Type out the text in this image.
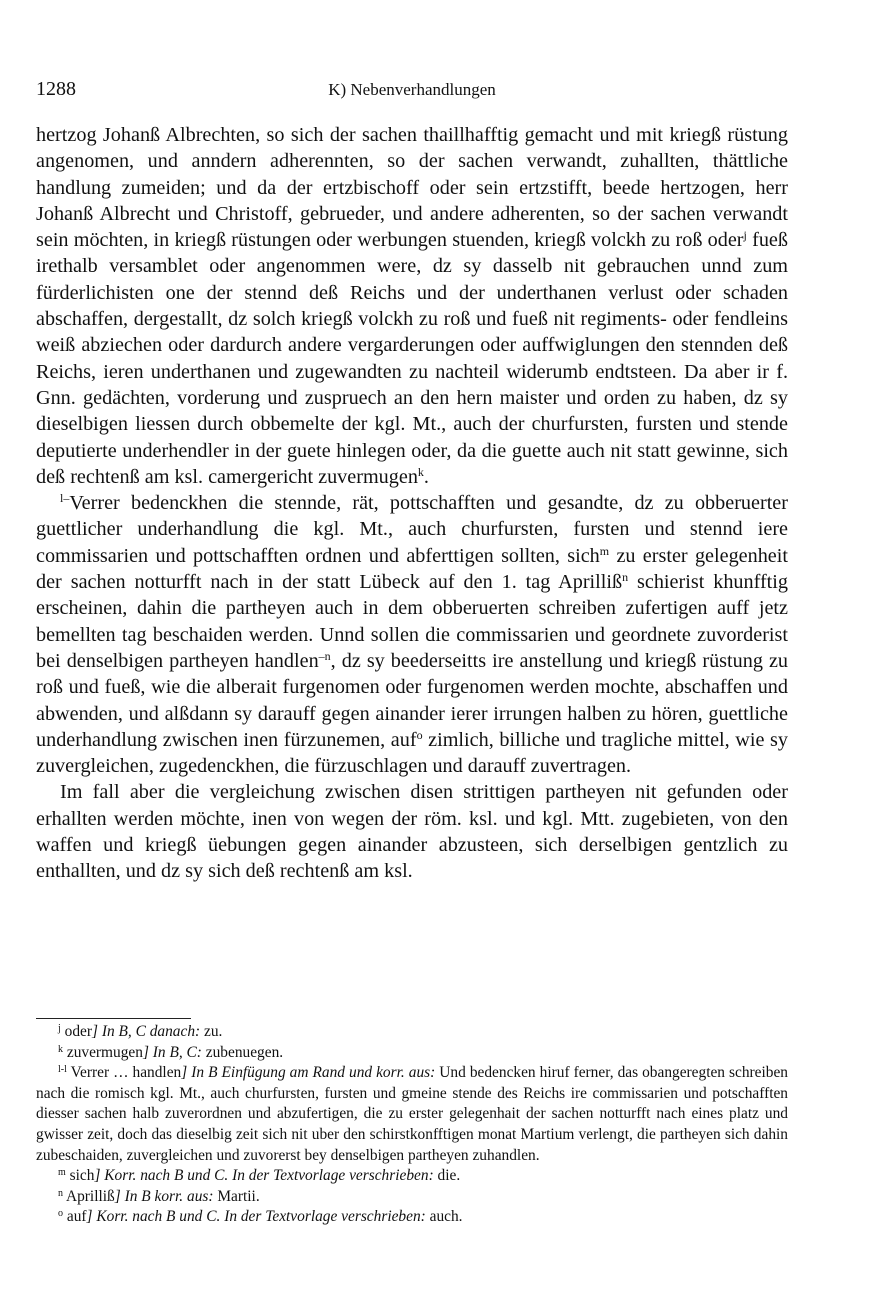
1288	K) Nebenverhandlungen

hertzog Johanß Albrechten, so sich der sachen thaillhafftig gemacht und mit kriegß rüstung angenomen, und anndern adherennten, so der sachen verwandt, zuhallten, thättliche handlung zumeiden; und da der ertzbischoff oder sein ertzstifft, beede hertzogen, herr Johanß Albrecht und Christoff, gebrueder, und andere adherenten, so der sachen verwandt sein möchten, in kriegß rüstungen oder werbungen stuenden, kriegß volckh zu roß oder$^j$ fueß irethalb versamblet oder angenommen were, dz sy dasselb nit gebrauchen unnd zum fürderlichisten one der stennd deß Reichs und der underthanen verlust oder schaden abschaffen, dergestallt, dz solch kriegß volckh zu roß und fueß nit regiments- oder fendleins weiß abziechen oder dardurch andere vergarderungen oder auffwiglungen den stennden deß Reichs, ieren underthanen und zugewandten zu nachteil widerumb endtsteen. Da aber ir f. Gnn. gedächten, vorderung und zuspruech an den hern maister und orden zu haben, dz sy dieselbigen liessen durch obbemelte der kgl. Mt., auch der churfursten, fursten und stende deputierte underhendler in der guete hinlegen oder, da die guette auch nit statt gewinne, sich deß rechtenß am ksl. camergericht zuvermugen$^k$.

$^{l-}$Verrer bedenckhen die stennde, rät, pottschafften und gesandte, dz zu obberuerter guettlicher underhandlung die kgl. Mt., auch churfursten, fursten und stennd iere commissarien und pottschafften ordnen und abferttigen sollten, sich$^m$ zu erster gelegenheit der sachen notturfft nach in der statt Lübeck auf den 1. tag Aprilliß$^n$ schierist khunfftig erscheinen, dahin die partheyen auch in dem obberuerten schreiben zufertigen auff jetz bemellten tag beschaiden werden. Unnd sollen die commissarien und geordnete zuvorderist bei denselbigen partheyen handlen$^{-n}$, dz sy beederseitts ire anstellung und kriegß rüstung zu roß und fueß, wie die alberait furgenomen oder furgenomen werden mochte, abschaffen und abwenden, und alßdann sy darauff gegen ainander ierer irrungen halben zu hören, guettliche underhandlung zwischen inen fürzunemen, auf$^o$ zimlich, billiche und tragliche mittel, wie sy zuvergleichen, zugedenckhen, die fürzuschlagen und darauff zuvertragen.

Im fall aber die vergleichung zwischen disen strittigen partheyen nit gefunden oder erhallten werden möchte, inen von wegen der röm. ksl. und kgl. Mtt. zugebieten, von den waffen und kriegß üebungen gegen ainander abzusteen, sich derselbigen gentzlich zu enthallten, und dz sy sich deß rechtenß am ksl.

$^j$ oder] In B, C danach: zu.

$^k$ zuvermugen] In B, C: zubenuegen.

$^{l-l}$ Verrer … handlen] In B Einfügung am Rand und korr. aus: Und bedencken hiruf ferner, das obangeregten schreiben nach die romisch kgl. Mt., auch churfursten, fursten und gmeine stende des Reichs ire commissarien und potschafften diesser sachen halb zuverordnen und abzufertigen, die zu erster gelegenhait der sachen notturfft nach eines platz und gwisser zeit, doch das dieselbig zeit sich nit uber den schirstkonfftigen monat Martium verlengt, die partheyen sich dahin zubeschaiden, zuvergleichen und zuvorerst bey denselbigen partheyen zuhandlen.

$^m$ sich] Korr. nach B und C. In der Textvorlage verschrieben: die.

$^n$ Aprilliß] In B korr. aus: Martii.

$^o$ auf] Korr. nach B und C. In der Textvorlage verschrieben: auch.
